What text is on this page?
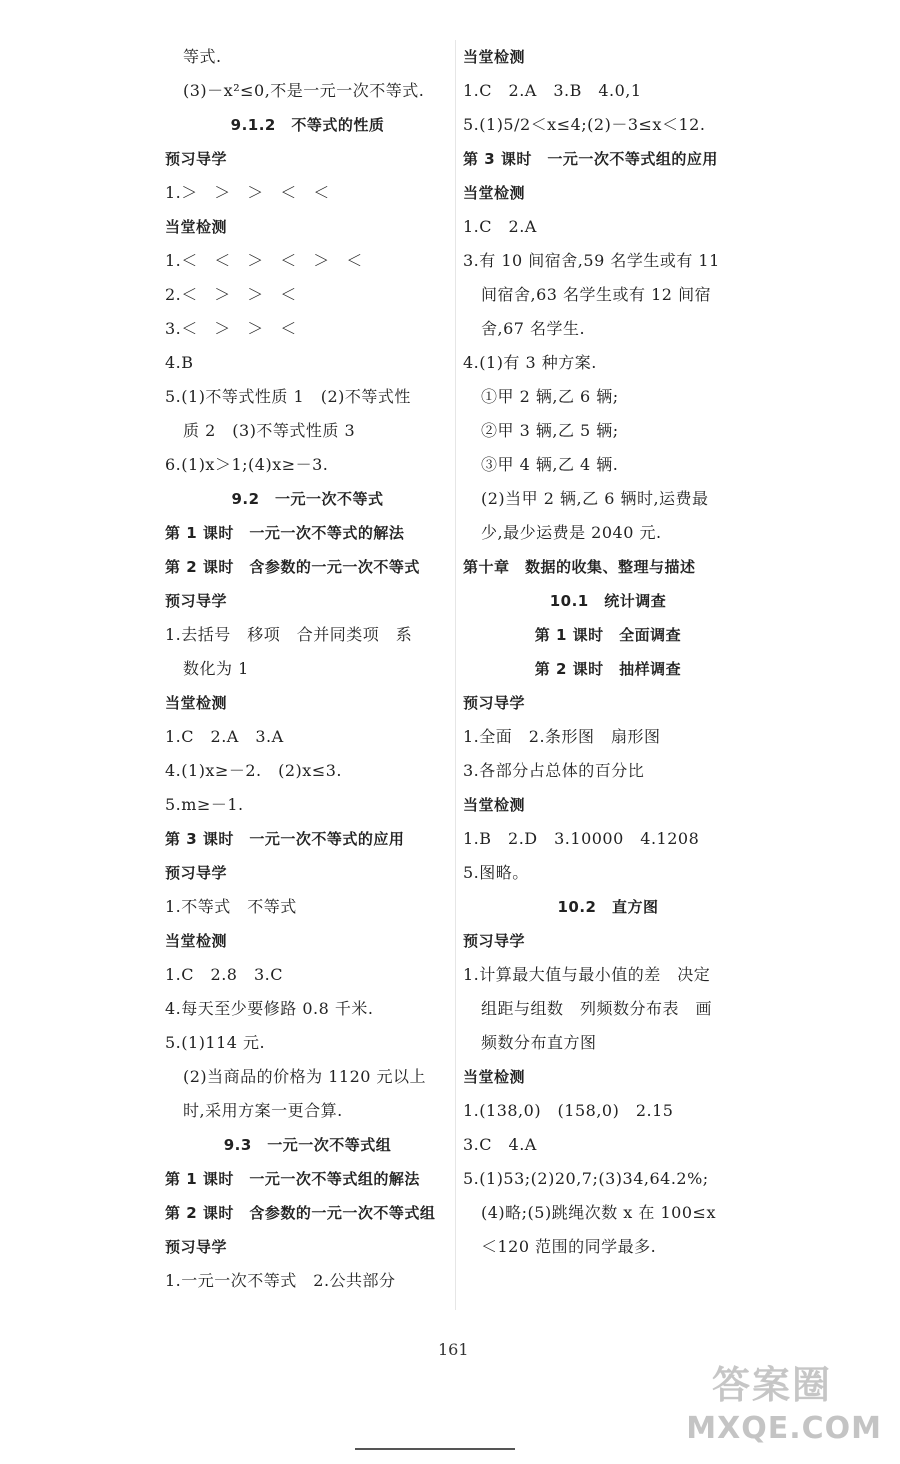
等式.
(3)－x²≤0,不是一元一次不等式.
9.1.2　不等式的性质
预习导学
1.＞　＞　＞　＜　＜
当堂检测
1.＜　＜　＞　＜　＞　＜
2.＜　＞　＞　＜
3.＜　＞　＞　＜
4.B
5.(1)不等式性质 1　(2)不等式性
质 2　(3)不等式性质 3
6.(1)x＞1;(4)x≥－3.
9.2　一元一次不等式
第 1 课时　一元一次不等式的解法
第 2 课时　含参数的一元一次不等式
预习导学
1.去括号　移项　合并同类项　系
数化为 1
当堂检测
1.C　2.A　3.A
4.(1)x≥－2.　(2)x≤3.
5.m≥－1.
第 3 课时　一元一次不等式的应用
预习导学
1.不等式　不等式
当堂检测
1.C　2.8　3.C
4.每天至少要修路 0.8 千米.
5.(1)114 元.
(2)当商品的价格为 1120 元以上
时,采用方案一更合算.
9.3　一元一次不等式组
第 1 课时　一元一次不等式组的解法
第 2 课时　含参数的一元一次不等式组
预习导学
1.一元一次不等式　2.公共部分
当堂检测
1.C　2.A　3.B　4.0,1
5.(1)5/2＜x≤4;(2)－3≤x＜12.
第 3 课时　一元一次不等式组的应用
当堂检测
1.C　2.A
3.有 10 间宿舍,59 名学生或有 11
间宿舍,63 名学生或有 12 间宿
舍,67 名学生.
4.(1)有 3 种方案.
①甲 2 辆,乙 6 辆;
②甲 3 辆,乙 5 辆;
③甲 4 辆,乙 4 辆.
(2)当甲 2 辆,乙 6 辆时,运费最
少,最少运费是 2040 元.
第十章　数据的收集、整理与描述
10.1　统计调查
第 1 课时　全面调查
第 2 课时　抽样调查
预习导学
1.全面　2.条形图　扇形图
3.各部分占总体的百分比
当堂检测
1.B　2.D　3.10000　4.1208
5.图略。
10.2　直方图
预习导学
1.计算最大值与最小值的差　决定
组距与组数　列频数分布表　画
频数分布直方图
当堂检测
1.(138,0)　(158,0)　2.15
3.C　4.A
5.(1)53;(2)20,7;(3)34,64.2%;
(4)略;(5)跳绳次数 x 在 100≤x
＜120 范围的同学最多.
161
答案圈
MXQE.COM
